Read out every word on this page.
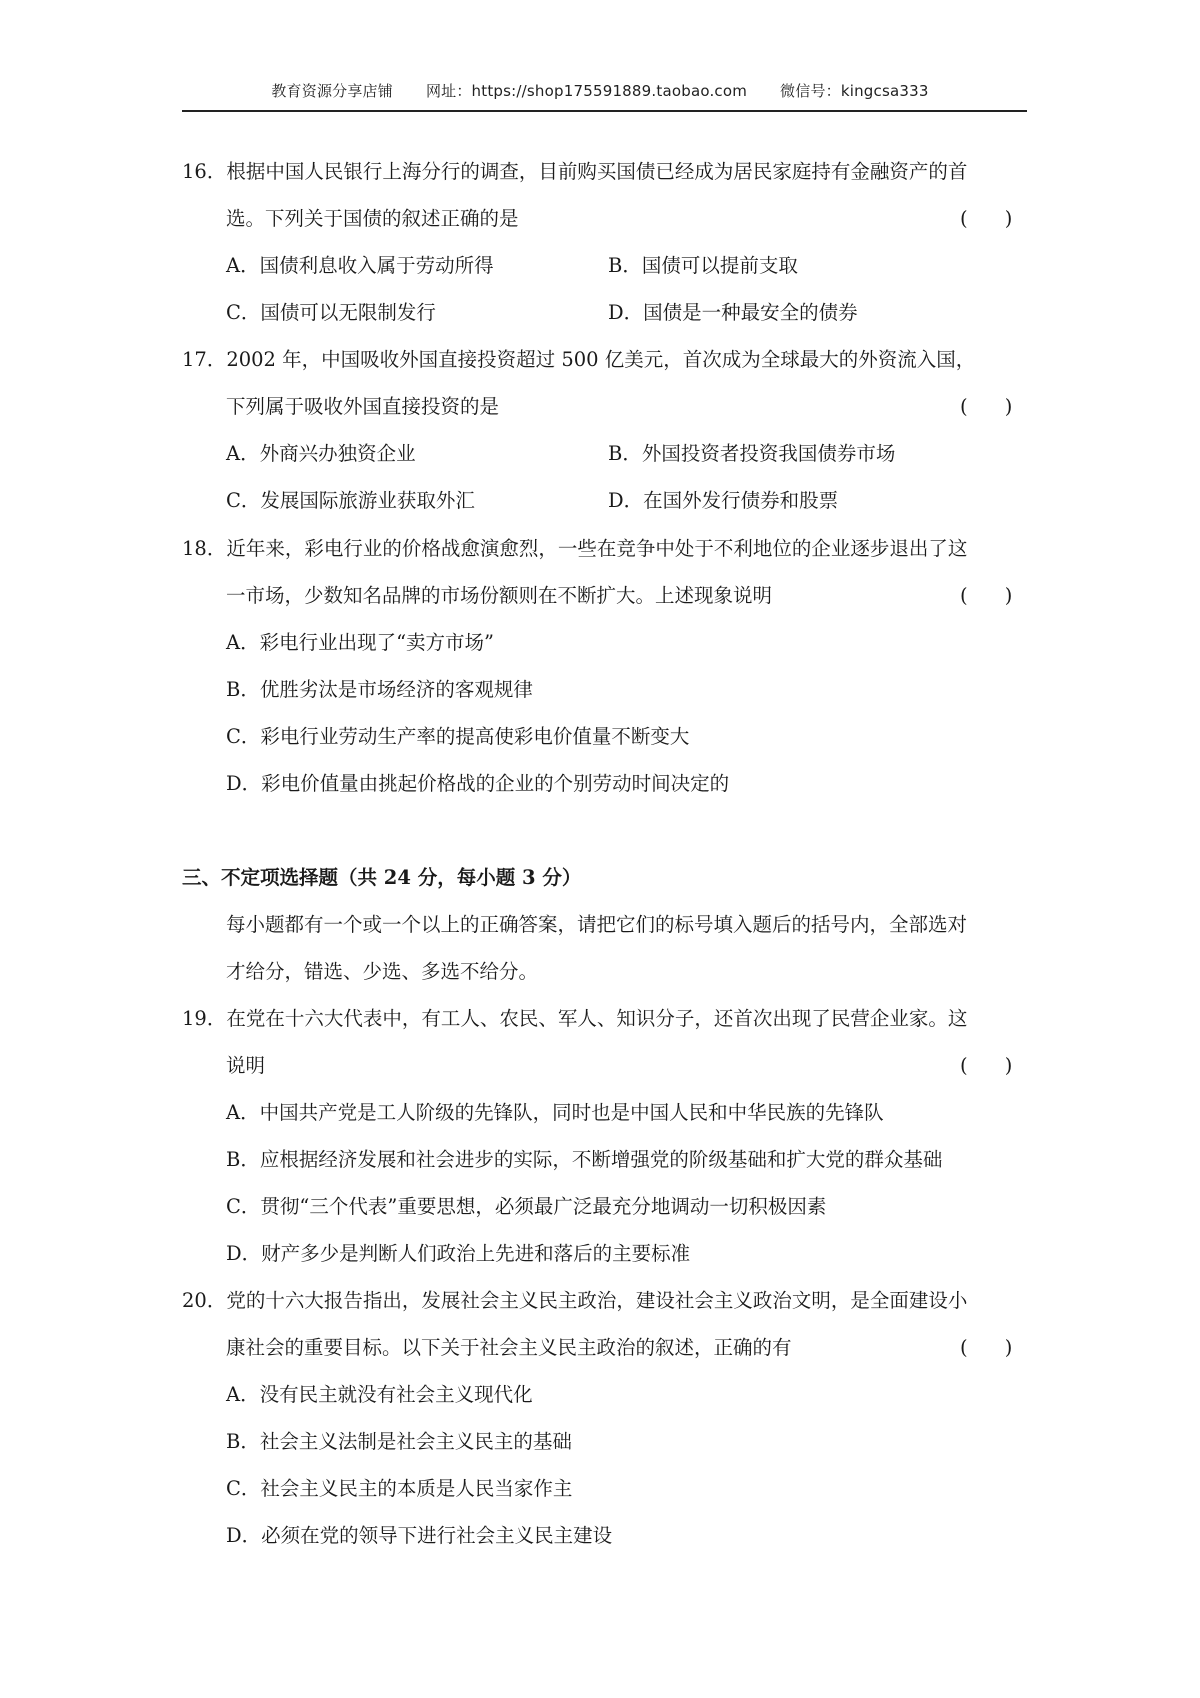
教育资源分享店铺 网址：https://shop175591889.taobao.com 微信号：kingcsa333
16．根据中国人民银行上海分行的调查，目前购买国债已经成为居民家庭持有金融资产的首
选。下列关于国债的叙述正确的是	(      )
A．国债利息收入属于劳动所得	B．国债可以提前支取
C．国债可以无限制发行	D．国债是一种最安全的债券
17．2002 年，中国吸收外国直接投资超过 500 亿美元，首次成为全球最大的外资流入国，
下列属于吸收外国直接投资的是	(      )
A．外商兴办独资企业	B．外国投资者投资我国债券市场
C．发展国际旅游业获取外汇	D．在国外发行债券和股票
18．近年来，彩电行业的价格战愈演愈烈，一些在竞争中处于不利地位的企业逐步退出了这
一市场，少数知名品牌的市场份额则在不断扩大。上述现象说明	(      )
A．彩电行业出现了“卖方市场”
B．优胜劣汰是市场经济的客观规律
C．彩电行业劳动生产率的提高使彩电价值量不断变大
D．彩电价值量由挑起价格战的企业的个别劳动时间决定的
三、不定项选择题（共 24 分，每小题 3 分）
每小题都有一个或一个以上的正确答案，请把它们的标号填入题后的括号内，全部选对
才给分，错选、少选、多选不给分。
19．在党在十六大代表中，有工人、农民、军人、知识分子，还首次出现了民营企业家。这
说明	(      )
A．中国共产党是工人阶级的先锋队，同时也是中国人民和中华民族的先锋队
B．应根据经济发展和社会进步的实际，不断增强党的阶级基础和扩大党的群众基础
C．贯彻“三个代表”重要思想，必须最广泛最充分地调动一切积极因素
D．财产多少是判断人们政治上先进和落后的主要标准
20．党的十六大报告指出，发展社会主义民主政治，建设社会主义政治文明，是全面建设小
康社会的重要目标。以下关于社会主义民主政治的叙述，正确的有	(      )
A．没有民主就没有社会主义现代化
B．社会主义法制是社会主义民主的基础
C．社会主义民主的本质是人民当家作主
D．必须在党的领导下进行社会主义民主建设
